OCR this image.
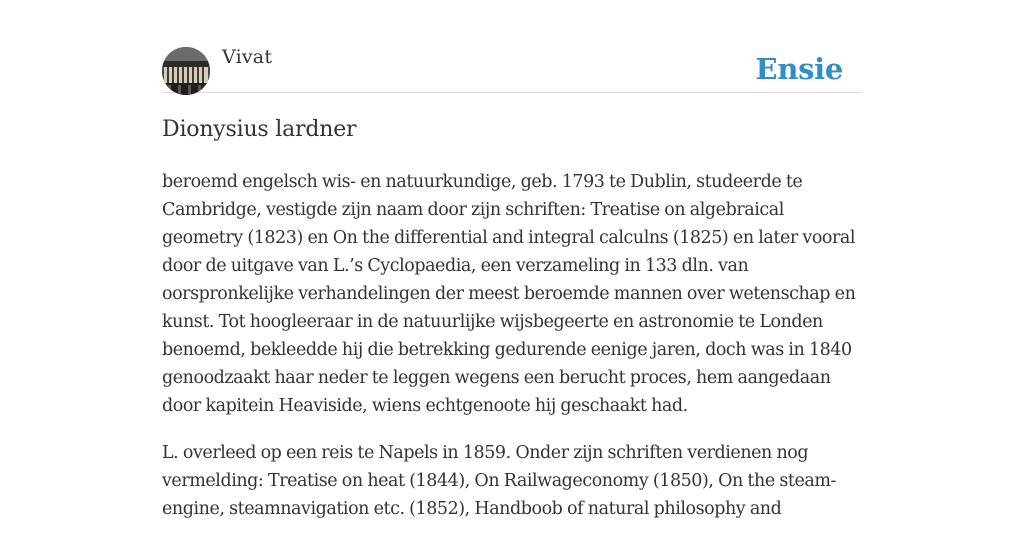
Vivat	Ensie
Dionysius lardner

beroemd engelsch wis- en natuurkundige, geb. 1793 te Dublin, studeerde te Cambridge, vestigde zijn naam door zijn schriften: Treatise on algebraical geometry (1823) en On the differential and integral calculns (1825) en later vooral door de uitgave van L.’s Cyclopaedia, een verzameling in 133 dln. van oorspronkelijke verhandelingen der meest beroemde mannen over wetenschap en kunst. Tot hoogleeraar in de natuurlijke wijsbegeerte en astronomie te Londen benoemd, bekleedde hij die betrekking gedurende eenige jaren, doch was in 1840 genoodzaakt haar neder te leggen wegens een berucht proces, hem aangedaan door kapitein Heaviside, wiens echtgenoote hij geschaakt had.

L. overleed op een reis te Napels in 1859. Onder zijn schriften verdienen nog vermelding: Treatise on heat (1844), On Railwageconomy (1850), On the steam-engine, steamnavigation etc. (1852), Handboob of natural philosophy and
